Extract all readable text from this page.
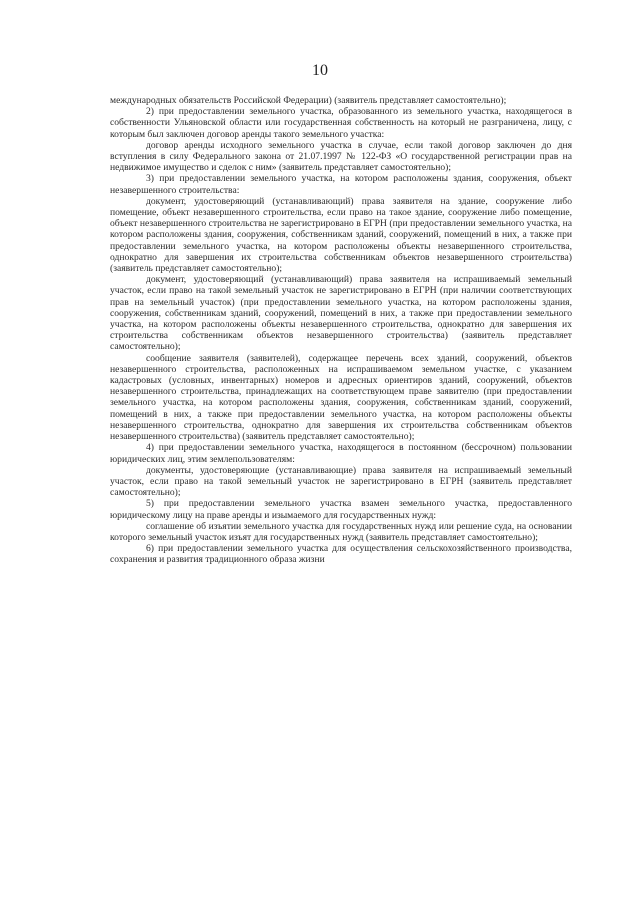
10

международных обязательств Российской Федерации) (заявитель представляет самостоятельно);

2) при предоставлении земельного участка, образованного из земельного участка, находящегося в собственности Ульяновской области или государственная собственность на который не разграничена, лицу, с которым был заключен договор аренды такого земельного участка:

договор аренды исходного земельного участка в случае, если такой договор заключен до дня вступления в силу Федерального закона от 21.07.1997 № 122-ФЗ «О государственной регистрации прав на недвижимое имущество и сделок с ним» (заявитель представляет самостоятельно);

3) при предоставлении земельного участка, на котором расположены здания, сооружения, объект незавершенного строительства:

документ, удостоверяющий (устанавливающий) права заявителя на здание, сооружение либо помещение, объект незавершенного строительства, если право на такое здание, сооружение либо помещение, объект незавершенного строительства не зарегистрировано в ЕГРН (при предоставлении земельного участка, на котором расположены здания, сооружения, собственникам зданий, сооружений, помещений в них, а также при предоставлении земельного участка, на котором расположены объекты незавершенного строительства, однократно для завершения их строительства собственникам объектов незавершенного строительства) (заявитель представляет самостоятельно);

документ, удостоверяющий (устанавливающий) права заявителя на испрашиваемый земельный участок, если право на такой земельный участок не зарегистрировано в ЕГРН (при наличии соответствующих прав на земельный участок) (при предоставлении земельного участка, на котором расположены здания, сооружения, собственникам зданий, сооружений, помещений в них, а также при предоставлении земельного участка, на котором расположены объекты незавершенного строительства, однократно для завершения их строительства собственникам объектов незавершенного строительства) (заявитель представляет самостоятельно);

сообщение заявителя (заявителей), содержащее перечень всех зданий, сооружений, объектов незавершенного строительства, расположенных на испрашиваемом земельном участке, с указанием кадастровых (условных, инвентарных) номеров и адресных ориентиров зданий, сооружений, объектов незавершенного строительства, принадлежащих на соответствующем праве заявителю (при предоставлении земельного участка, на котором расположены здания, сооружения, собственникам зданий, сооружений, помещений в них, а также при предоставлении земельного участка, на котором расположены объекты незавершенного строительства, однократно для завершения их строительства собственникам объектов незавершенного строительства) (заявитель представляет самостоятельно);

4) при предоставлении земельного участка, находящегося в постоянном (бессрочном) пользовании юридических лиц, этим землепользователям:

документы, удостоверяющие (устанавливающие) права заявителя на испрашиваемый земельный участок, если право на такой земельный участок не зарегистрировано в ЕГРН (заявитель представляет самостоятельно);

5) при предоставлении земельного участка взамен земельного участка, предоставленного юридическому лицу на праве аренды и изымаемого для государственных нужд:

соглашение об изъятии земельного участка для государственных нужд или решение суда, на основании которого земельный участок изъят для государственных нужд (заявитель представляет самостоятельно);

6) при предоставлении земельного участка для осуществления сельскохозяйственного производства, сохранения и развития традиционного образа жизни
